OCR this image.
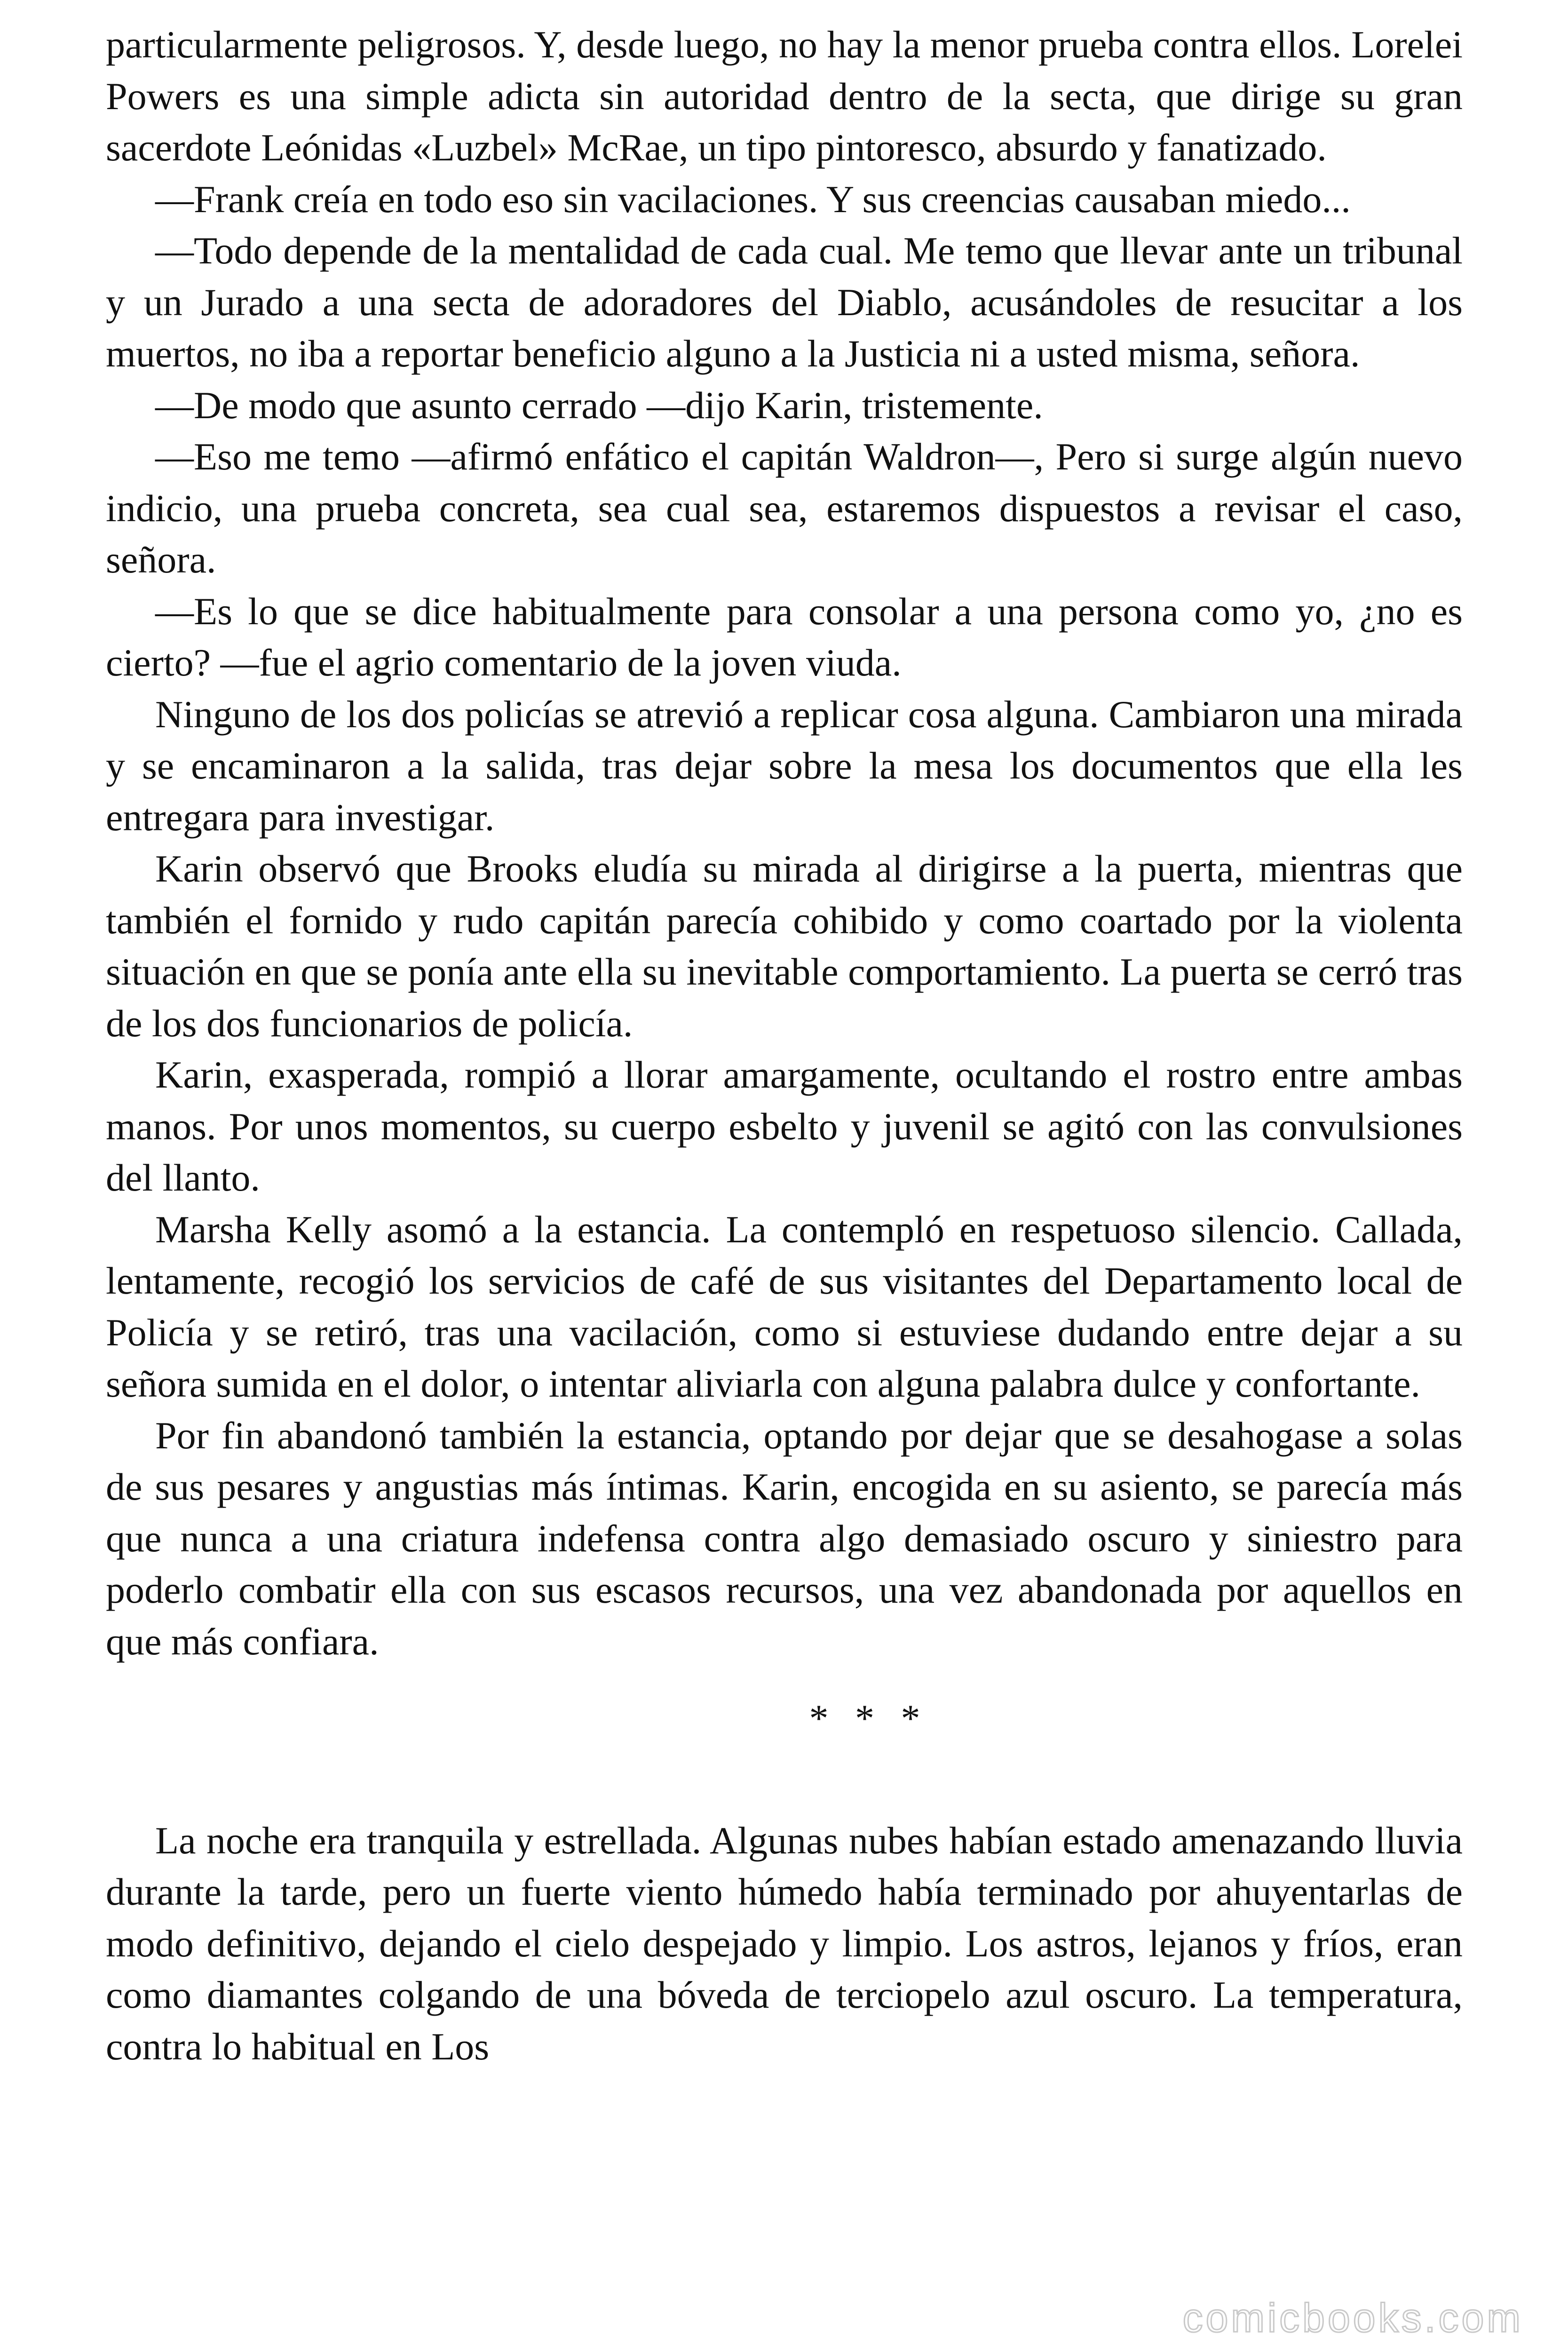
particularmente peligrosos. Y, desde luego, no hay la menor prueba contra ellos. Lorelei Powers es una simple adicta sin autoridad dentro de la secta, que dirige su gran sacerdote Leónidas «Luzbel» McRae, un tipo pintoresco, absurdo y fanatizado.

—Frank creía en todo eso sin vacilaciones. Y sus creencias causaban miedo...

—Todo depende de la mentalidad de cada cual. Me temo que llevar ante un tribunal y un Jurado a una secta de adoradores del Diablo, acusándoles de resucitar a los muertos, no iba a reportar beneficio alguno a la Justicia ni a usted misma, señora.

—De modo que asunto cerrado —dijo Karin, tristemente.

—Eso me temo —afirmó enfático el capitán Waldron—, Pero si surge algún nuevo indicio, una prueba concreta, sea cual sea, estaremos dispuestos a revisar el caso, señora.

—Es lo que se dice habitualmente para consolar a una persona como yo, ¿no es cierto? —fue el agrio comentario de la joven viuda.

Ninguno de los dos policías se atrevió a replicar cosa alguna. Cambiaron una mirada y se encaminaron a la salida, tras dejar sobre la mesa los documentos que ella les entregara para investigar.

Karin observó que Brooks eludía su mirada al dirigirse a la puerta, mientras que también el fornido y rudo capitán parecía cohibido y como coartado por la violenta situación en que se ponía ante ella su inevitable comportamiento. La puerta se cerró tras de los dos funcionarios de policía.

Karin, exasperada, rompió a llorar amargamente, ocultando el rostro entre ambas manos. Por unos momentos, su cuerpo esbelto y juvenil se agitó con las convulsiones del llanto.

Marsha Kelly asomó a la estancia. La contempló en respetuoso silencio. Callada, lentamente, recogió los servicios de café de sus visitantes del Departamento local de Policía y se retiró, tras una vacilación, como si estuviese dudando entre dejar a su señora sumida en el dolor, o intentar aliviarla con alguna palabra dulce y confortante.

Por fin abandonó también la estancia, optando por dejar que se desahogase a solas de sus pesares y angustias más íntimas. Karin, encogida en su asiento, se parecía más que nunca a una criatura indefensa contra algo demasiado oscuro y siniestro para poderlo combatir ella con sus escasos recursos, una vez abandonada por aquellos en que más confiara.

* * *

La noche era tranquila y estrellada. Algunas nubes habían estado amenazando lluvia durante la tarde, pero un fuerte viento húmedo había terminado por ahuyentarlas de modo definitivo, dejando el cielo despejado y limpio. Los astros, lejanos y fríos, eran como diamantes colgando de una bóveda de terciopelo azul oscuro. La temperatura, contra lo habitual en Los

comicbooks.com
